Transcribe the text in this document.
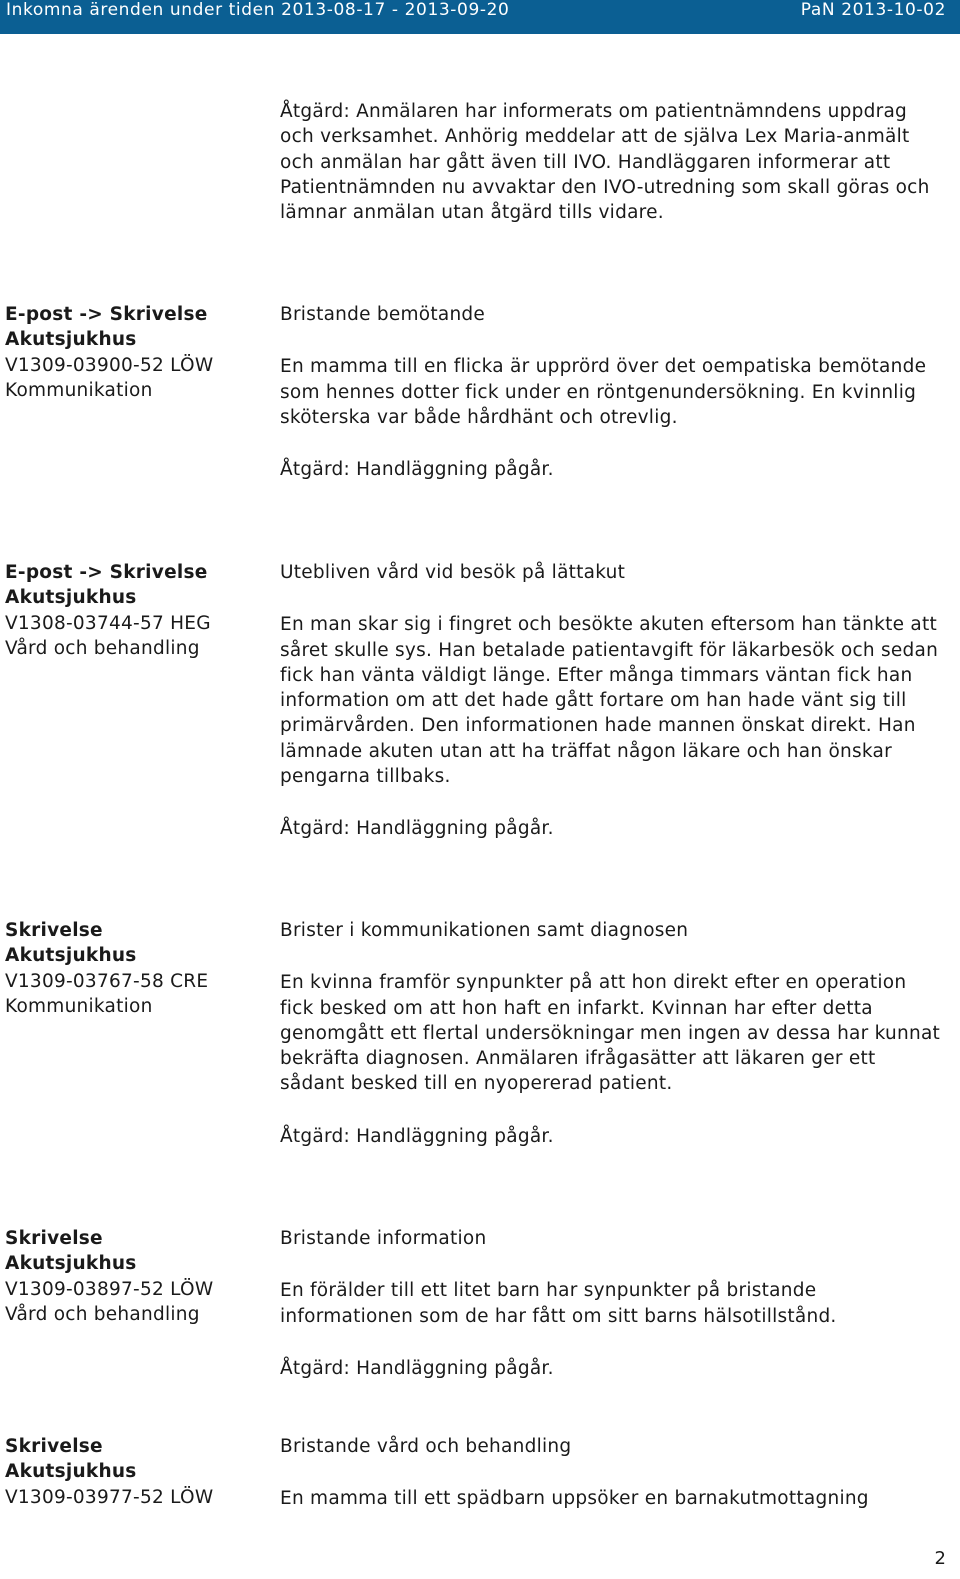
Inkomna ärenden under tiden 2013-08-17 - 2013-09-20	PaN 2013-10-02
Åtgärd: Anmälaren har informerats om patientnämndens uppdrag och verksamhet. Anhörig meddelar att de själva Lex Maria-anmält och anmälan har gått även till IVO. Handläggaren informerar att Patientnämnden nu avvaktar den IVO-utredning som skall göras och lämnar anmälan utan åtgärd tills vidare.
E-post -> Skrivelse
Akutsjukhus
V1309-03900-52 LÖW
Kommunikation
Bristande bemötande
En mamma till en flicka är upprörd över det oempatiska bemötande som hennes dotter fick under en röntgenundersökning. En kvinnlig sköterska var både hårdhänt och otrevlig.
Åtgärd: Handläggning pågår.
E-post -> Skrivelse
Akutsjukhus
V1308-03744-57 HEG
Vård och behandling
Utebliven vård vid besök på lättakut
En man skar sig i fingret och besökte akuten eftersom han tänkte att såret skulle sys. Han betalade patientavgift för läkarbesök och sedan fick han vänta väldigt länge. Efter många timmars väntan fick han information om att det hade gått fortare om han hade vänt sig till primärvården. Den informationen hade mannen önskat direkt. Han lämnade akuten utan att ha träffat någon läkare och han önskar pengarna tillbaks.
Åtgärd: Handläggning pågår.
Skrivelse
Akutsjukhus
V1309-03767-58 CRE
Kommunikation
Brister i kommunikationen samt diagnosen
En kvinna framför synpunkter på att hon direkt efter en operation fick besked om att hon haft en infarkt. Kvinnan har efter detta genomgått ett flertal undersökningar men ingen av dessa har kunnat bekräfta diagnosen. Anmälaren ifrågasätter att läkaren ger ett sådant besked till en nyopererad patient.
Åtgärd: Handläggning pågår.
Skrivelse
Akutsjukhus
V1309-03897-52 LÖW
Vård och behandling
Bristande information
En förälder till ett litet barn har synpunkter på bristande informationen som de har fått om sitt barns hälsotillstånd.
Åtgärd: Handläggning pågår.
Skrivelse
Akutsjukhus
V1309-03977-52 LÖW
Bristande vård och behandling
En mamma till ett spädbarn uppsöker en barnakutmottagning
2
